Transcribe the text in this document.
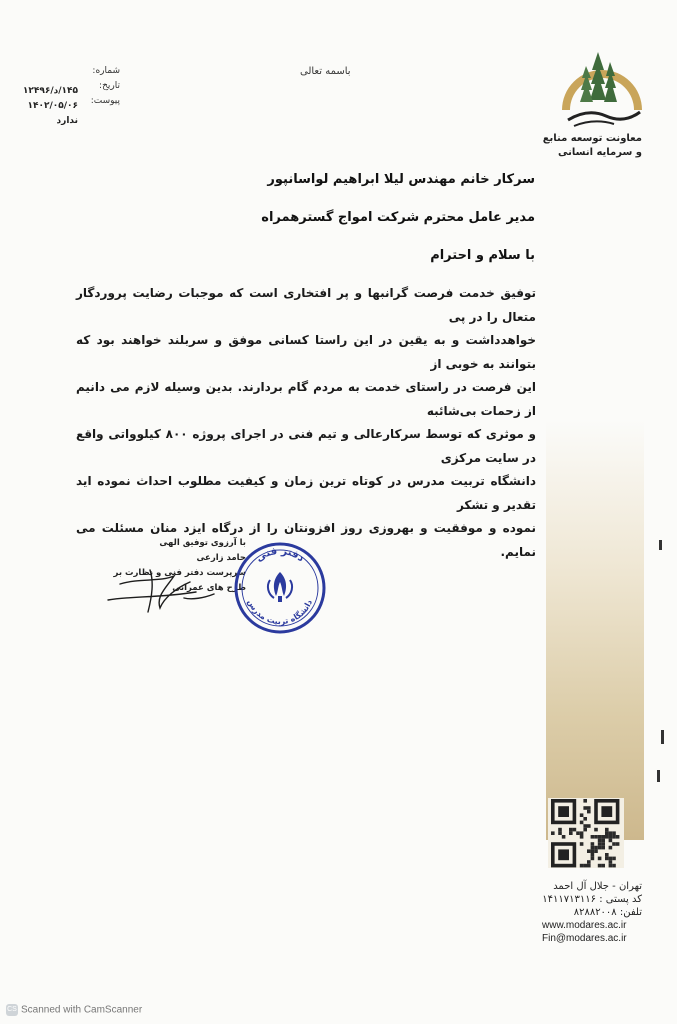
معاونت توسعه منابع
و سرمایه انسانی
باسمه تعالی
شماره:
تاریخ:
پیوست:
۱۴۵/د/۱۲۴۹۶
۱۴۰۲/۰۵/۰۶
ندارد
سرکار خانم مهندس لیلا ابراهیم لواسانپور
مدیر عامل محترم شرکت امواج گسترهمراه
با سلام و احترام
توفیق خدمت فرصت گرانبها و پر افتخاری است که موجبات رضایت پروردگار متعال را در پی
خواهدداشت و به یقین در این راستا کسانی موفق و سربلند خواهند بود که بتوانند به خوبی از
این فرصت در راستای خدمت به مردم گام بردارند. بدین وسیله لازم می دانیم از زحمات بی‌شائبه
و موثری که توسط سرکارعالی و تیم فنی در اجرای پروژه ۸۰۰ کیلوواتی واقع در سایت مرکزی
دانشگاه تربیت مدرس در کوتاه ترین زمان و کیفیت مطلوب احداث نموده اید تقدیر و تشکر
نموده و موفقیت و بهروزی روز افزونتان را از درگاه ایزد منان مسئلت می نمایم.
با آرزوی توفیق الهی
حامد زارعی
سرپرست دفتر فنی و نظارت بر طرح های عمرانی
دفتر فنی
دانشگاه تربیت مدرس
تهران - جلال آل احمد
کد پستی : ۱۴۱۱۷۱۳۱۱۶
تلفن: ۸۲۸۸۲۰۰۸
www.modares.ac.ir
Fin@modares.ac.ir
CS Scanned with CamScanner
